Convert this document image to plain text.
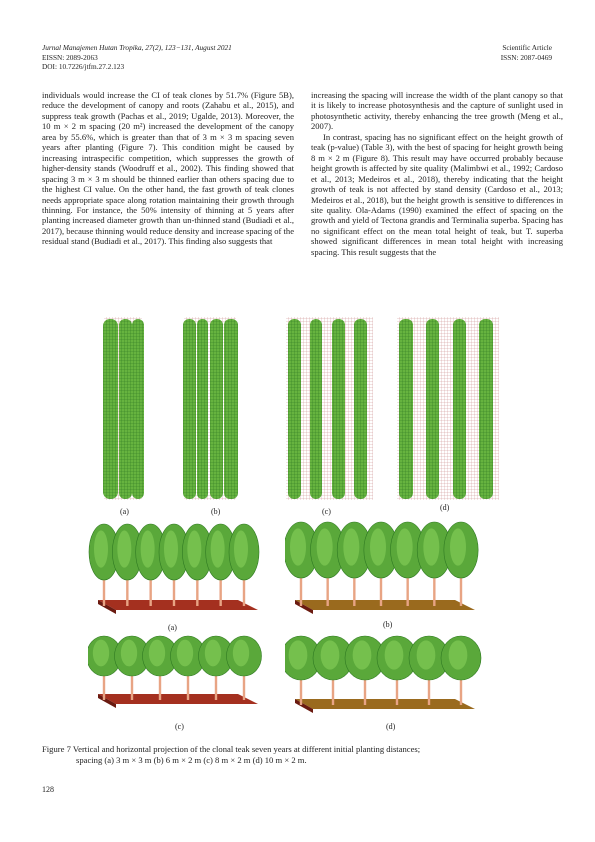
Jurnal Manajemen Hutan Tropika, 27(2), 123−131, August 2021
EISSN: 2089-2063
DOI: 10.7226/jtfm.27.2.123
Scientific Article
ISSN: 2087-0469

individuals would increase the CI of teak clones by 51.7% (Figure 5B), reduce the development of canopy and roots (Zahabu et al., 2015), and suppress teak growth (Pachas et al., 2019; Ugalde, 2013). Moreover, the 10 m × 2 m spacing (20 m²) increased the development of the canopy area by 55.6%, which is greater than that of 3 m × 3 m spacing seven years after planting (Figure 7). This condition might be caused by increasing intraspecific competition, which suppresses the growth of higher-density stands (Woodruff et al., 2002). This finding showed that spacing 3 m × 3 m should be thinned earlier than others spacing due to the highest CI value. On the other hand, the fast growth of teak clones needs appropriate space along rotation maintaining their growth through thinning. For instance, the 50% intensity of thinning at 5 years after planting increased diameter growth than un-thinned stand (Budiadi et al., 2017), because thinning would reduce density and increase spacing of the residual stand (Budiadi et al., 2017). This finding also suggests that

increasing the spacing will increase the width of the plant canopy so that it is likely to increase photosynthesis and the capture of sunlight used in photosynthetic activity, thereby enhancing the tree growth (Meng et al., 2007).

In contrast, spacing has no significant effect on the height growth of teak (p-value) (Table 3), with the best of spacing for height growth being 8 m × 2 m (Figure 8). This result may have occurred probably because height growth is affected by site quality (Malimbwi et al., 1992; Cardoso et al., 2013; Medeiros et al., 2018), thereby indicating that the height growth of teak is not affected by stand density (Cardoso et al., 2013; Medeiros et al., 2018), but the height growth is sensitive to differences in site quality. Ola-Adams (1990) examined the effect of spacing on the growth and yield of Tectona grandis and Terminalia superba. Spacing has no significant effect on the mean total height of teak, but T. superba showed significant differences in mean total height with increasing spacing. This result suggests that the

(a)	(b)	(c)	(d)
(a)	(b)
(c)	(d)
Figure 7 Vertical and horizontal projection of the clonal teak seven years at different initial planting distances;
spacing (a) 3 m × 3 m (b) 6 m × 2 m (c) 8 m × 2 m (d) 10 m × 2 m.
128
